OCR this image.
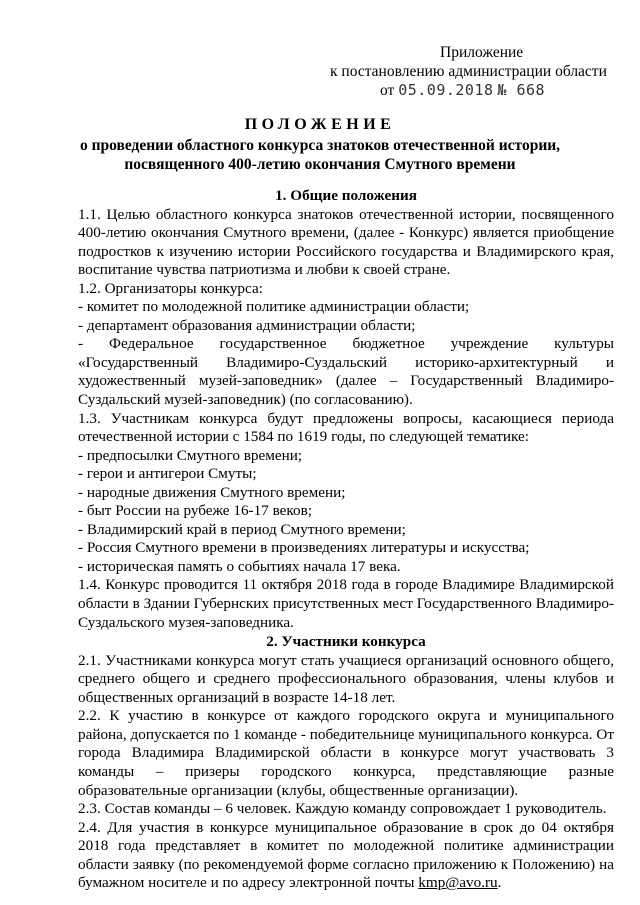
Приложение
к постановлению администрации области
от 05.09.2018 № 668
ПОЛОЖЕНИЕ
о проведении областного конкурса знатоков отечественной истории,
посвященного 400-летию окончания Смутного времени
1. Общие положения

1.1. Целью областного конкурса знатоков отечественной истории, посвященного 400-летию окончания Смутного времени, (далее - Конкурс) является приобщение подростков к изучению истории Российского государства и Владимирского края, воспитание чувства патриотизма и любви к своей стране.

1.2. Организаторы конкурса:

- комитет по молодежной политике администрации области;

- департамент образования администрации области;

- Федеральное государственное бюджетное учреждение культуры «Государственный Владимиро-Суздальский историко-архитектурный и художественный музей-заповедник» (далее – Государственный Владимиро-Суздальский музей-заповедник) (по согласованию).

1.3. Участникам конкурса будут предложены вопросы, касающиеся периода отечественной истории с 1584 по 1619 годы, по следующей тематике:

- предпосылки Смутного времени;

- герои и антигерои Смуты;

- народные движения Смутного времени;

- быт России на рубеже 16-17 веков;

- Владимирский край в период Смутного времени;

- Россия Смутного времени в произведениях литературы и искусства;

- историческая память о событиях начала 17 века.

1.4. Конкурс проводится 11 октября 2018 года в городе Владимире Владимирской области в Здании Губернских присутственных мест Государственного Владимиро-Суздальского музея-заповедника.

2. Участники конкурса

2.1. Участниками конкурса могут стать учащиеся организаций основного общего, среднего общего и среднего профессионального образования, члены клубов и общественных организаций в возрасте 14-18 лет.

2.2. К участию в конкурсе от каждого городского округа и муниципального района, допускается по 1 команде - победительнице муниципального конкурса. От города Владимира Владимирской области в конкурсе могут участвовать 3 команды – призеры городского конкурса, представляющие разные образовательные организации (клубы, общественные организации).

2.3. Состав команды – 6 человек. Каждую команду сопровождает 1 руководитель.

2.4. Для участия в конкурсе муниципальное образование в срок до 04 октября 2018 года представляет в комитет по молодежной политике администрации области заявку (по рекомендуемой форме согласно приложению к Положению) на бумажном носителе и по адресу электронной почты kmp@avo.ru.
